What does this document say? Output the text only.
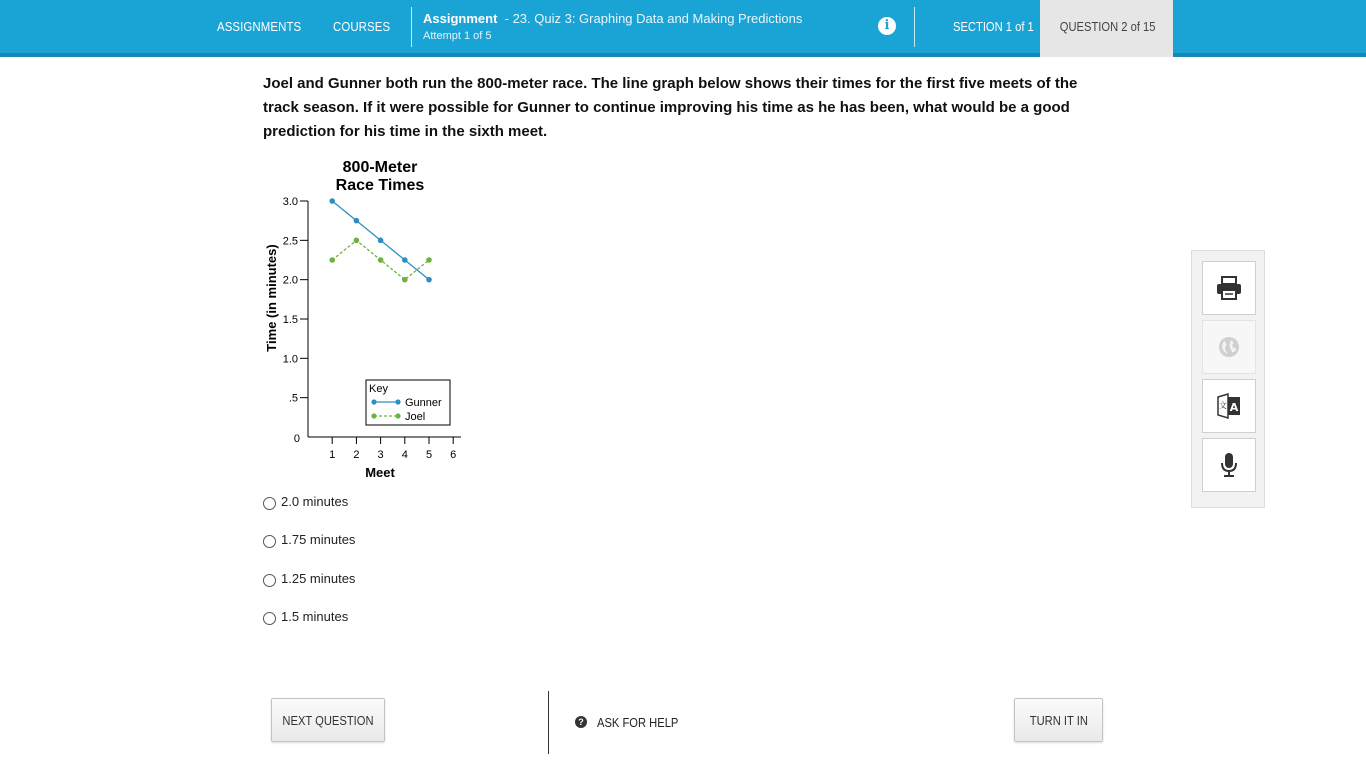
ASSIGNMENTS COURSES
Assignment - 23. Quiz 3: Graphing Data and Making Predictions
Attempt 1 of 5
i	SECTION 1 of 1	QUESTION 2 of 15
Joel and Gunner both run the 800-meter race. The line graph below shows their times for the first five meets of the track season. If it were possible for Gunner to continue improving his time as he has been, what would be a good prediction for his time in the sixth meet.
800-Meter
Race Times
Time (in minutes)
Meet
0
.5
1.0
1.5
2.0
2.5
3.0
1 2 3 4 5 6
Key
Gunner
Joel
2.0 minutes
1.75 minutes
1.25 minutes
1.5 minutes
A
文
NEXT QUESTION	? ASK FOR HELP	TURN IT IN
